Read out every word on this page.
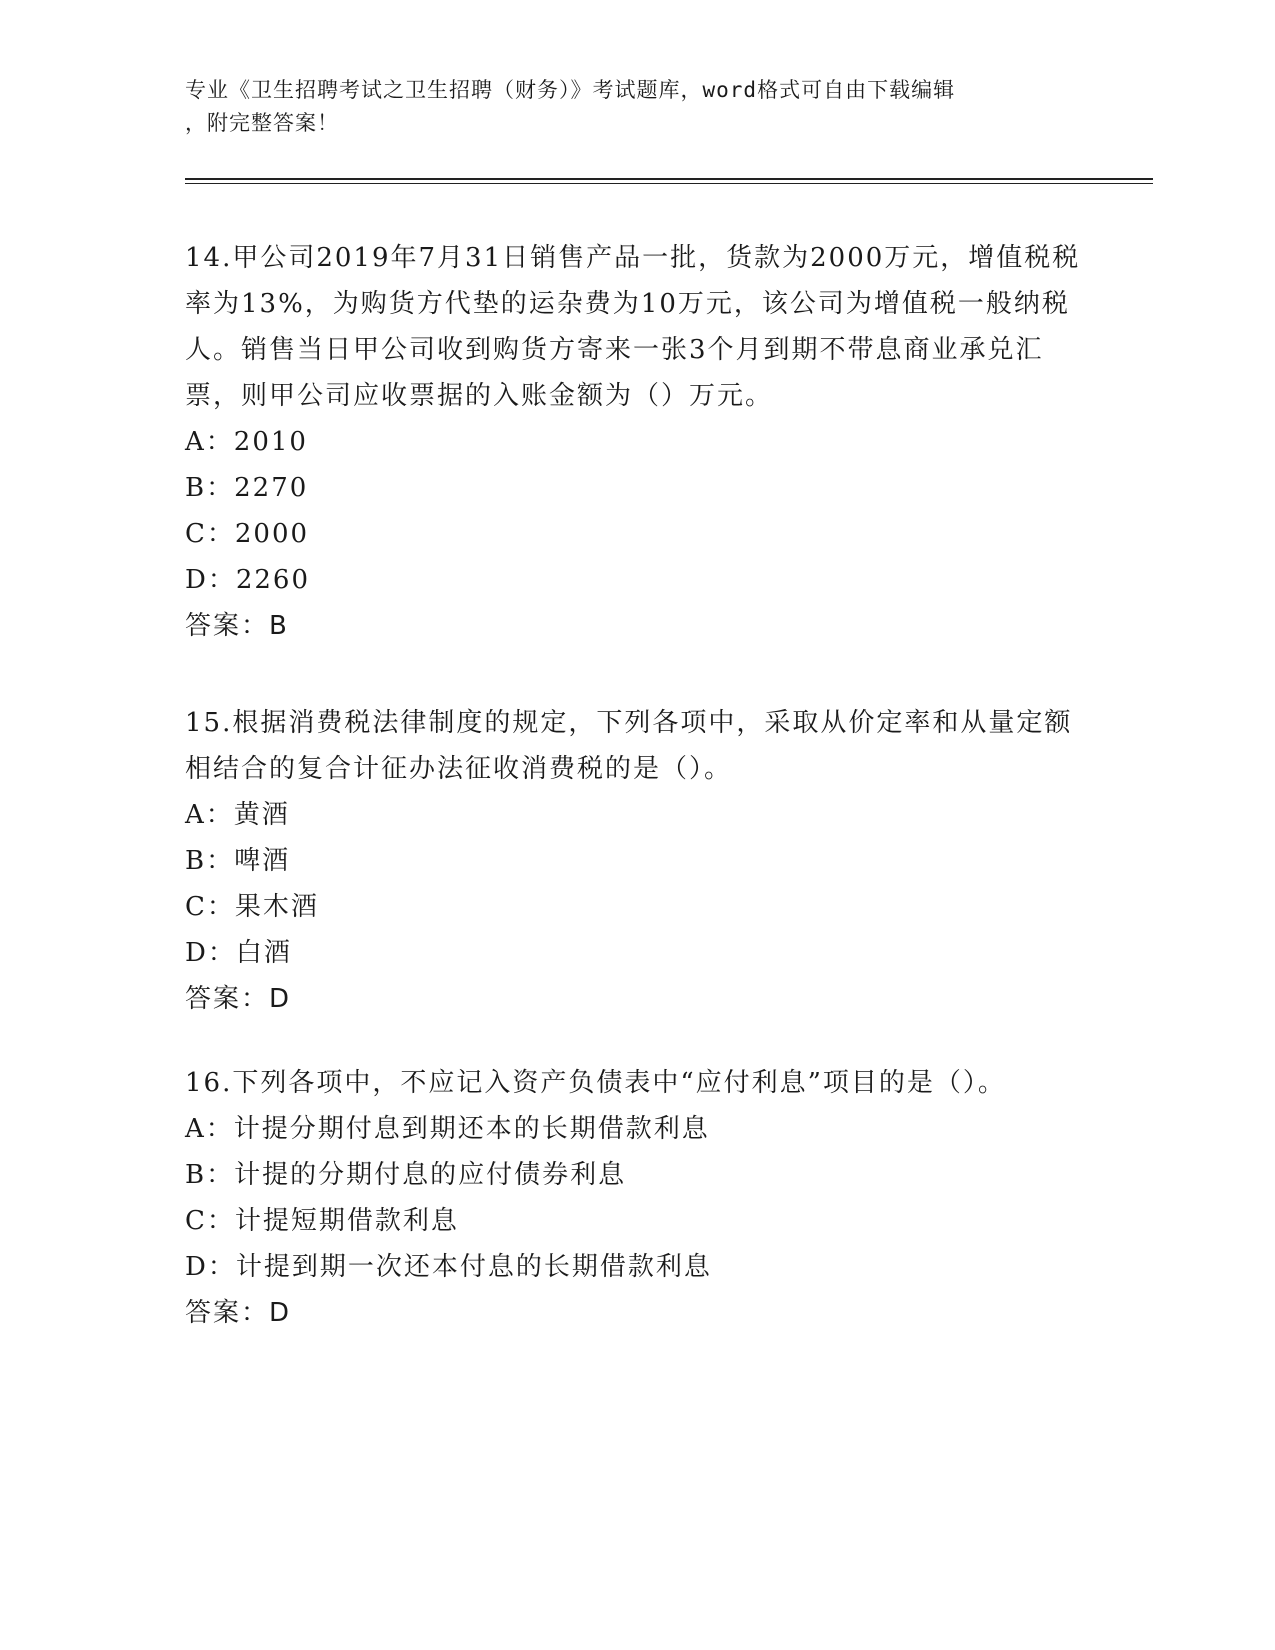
专业《卫生招聘考试之卫生招聘（财务）》考试题库，word格式可自由下载编辑
，附完整答案！
14.甲公司2019年7月31日销售产品一批，货款为2000万元，增值税税率为13%，为购货方代垫的运杂费为10万元，该公司为增值税一般纳税人。销售当日甲公司收到购货方寄来一张3个月到期不带息商业承兑汇票，则甲公司应收票据的入账金额为（）万元。
A：2010
B：2270
C：2000
D：2260
答案：B
15.根据消费税法律制度的规定，下列各项中，采取从价定率和从量定额相结合的复合计征办法征收消费税的是（）。
A：黄酒
B：啤酒
C：果木酒
D：白酒
答案：D
16.下列各项中，不应记入资产负债表中“应付利息”项目的是（）。
A：计提分期付息到期还本的长期借款利息
B：计提的分期付息的应付债券利息
C：计提短期借款利息
D：计提到期一次还本付息的长期借款利息
答案：D
